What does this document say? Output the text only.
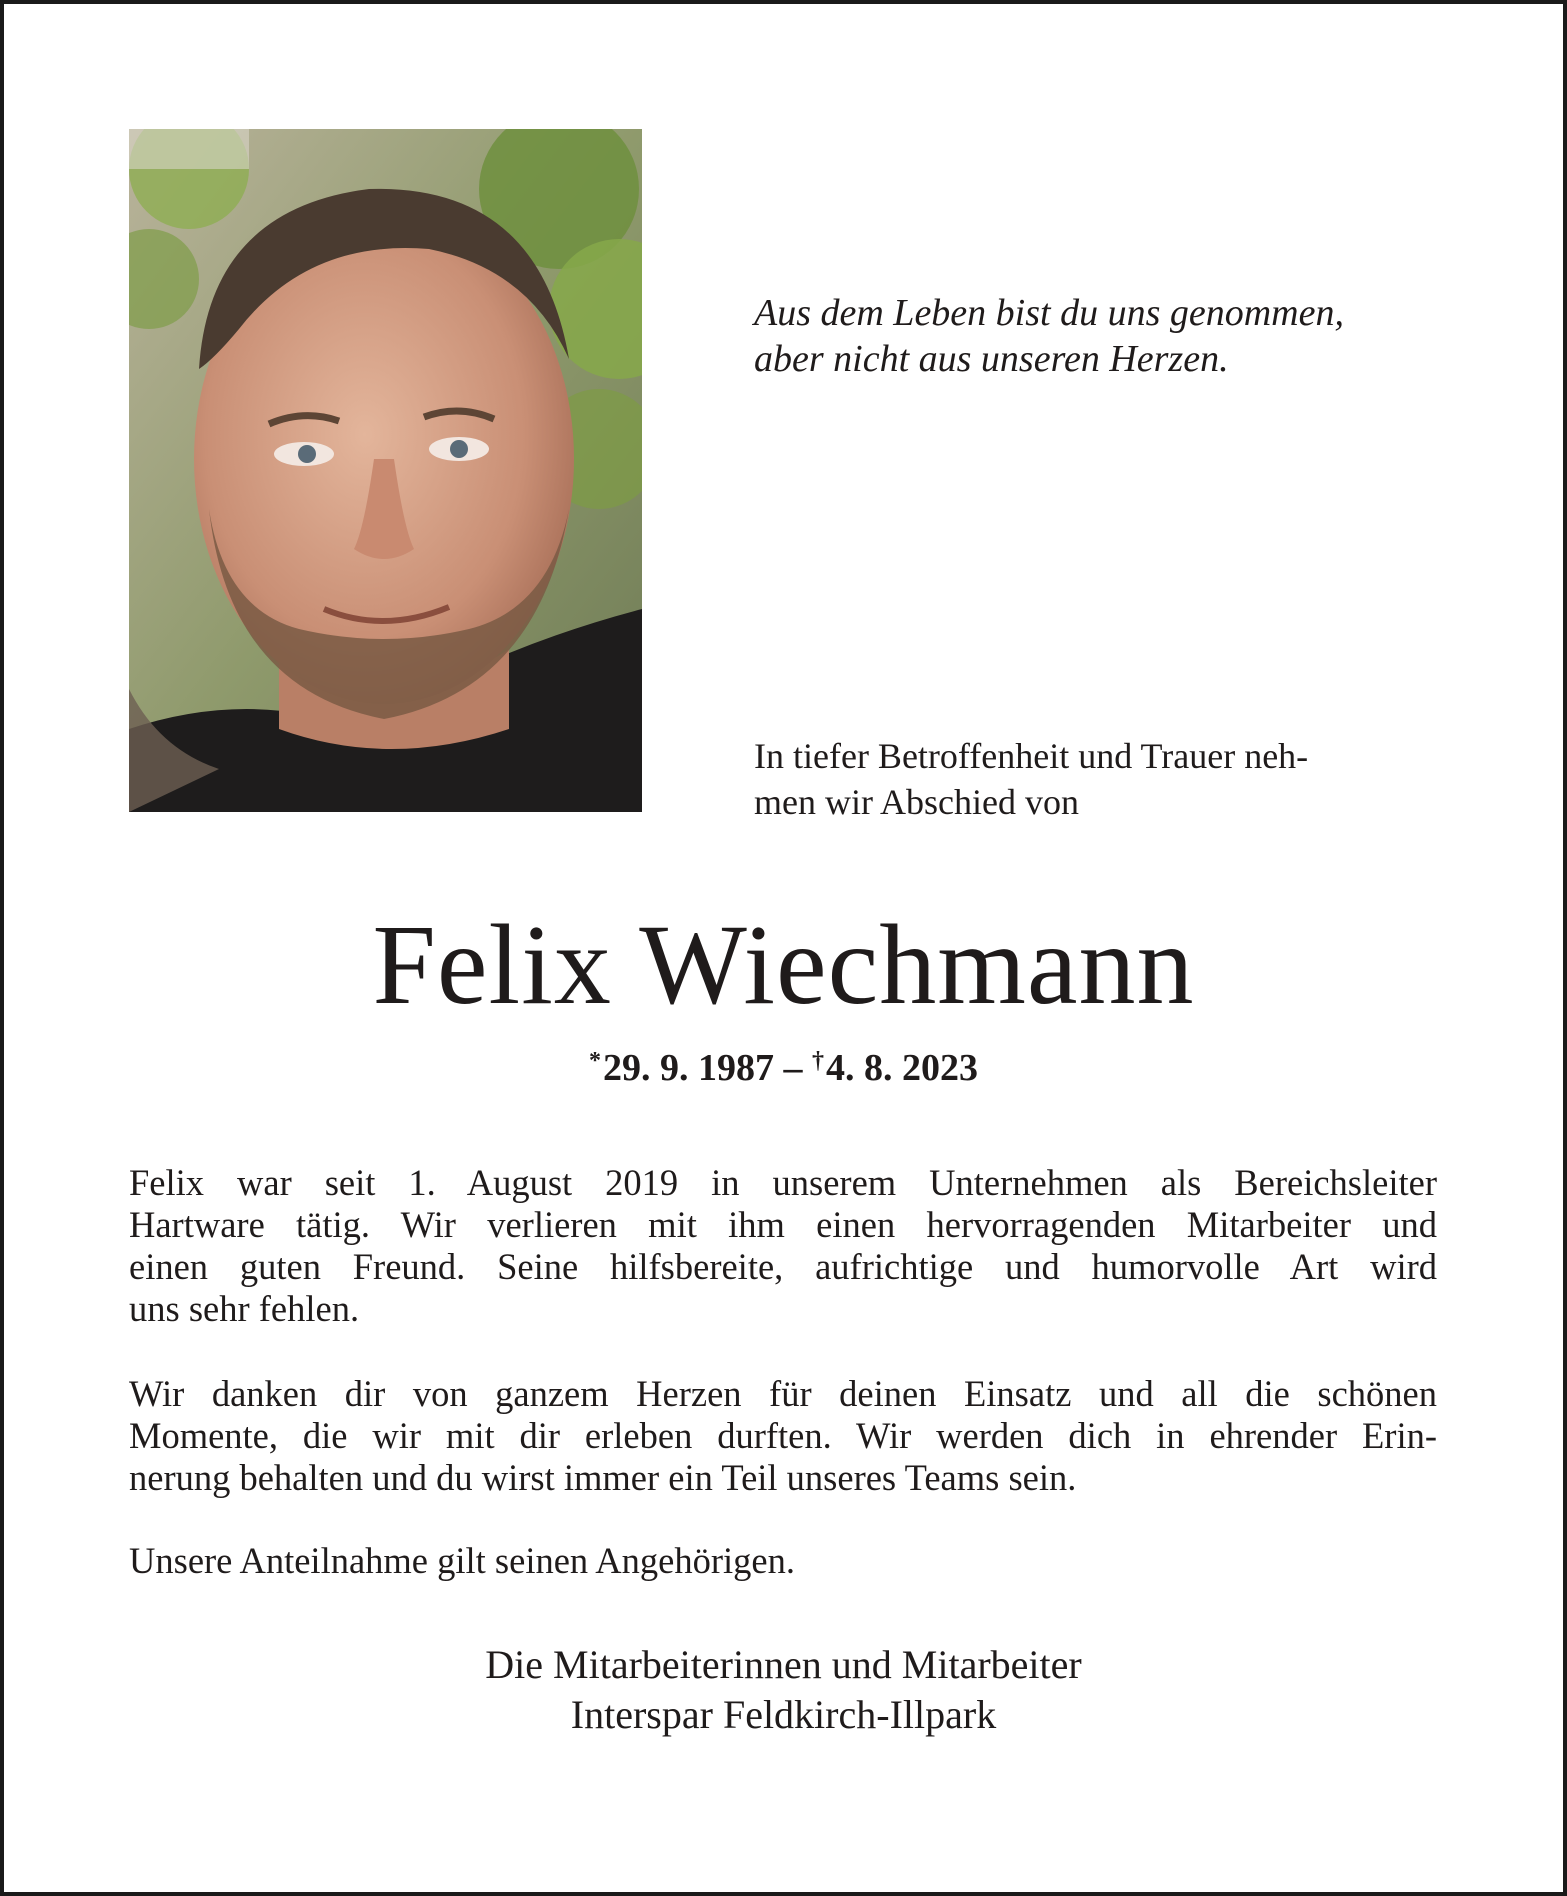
Aus dem Leben bist du uns genommen,
aber nicht aus unseren Herzen.
In tiefer Betroffenheit und Trauer neh-
men wir Abschied von
Felix Wiechmann
*29. 9. 1987 – †4. 8. 2023
Felix war seit 1. August 2019 in unserem Unternehmen als Bereichsleiter
Hartware tätig. Wir verlieren mit ihm einen hervorragenden Mitarbeiter und
einen guten Freund. Seine hilfsbereite, aufrichtige und humorvolle Art wird
uns sehr fehlen.
Wir danken dir von ganzem Herzen für deinen Einsatz und all die schönen
Momente, die wir mit dir erleben durften. Wir werden dich in ehrender Erin-
nerung behalten und du wirst immer ein Teil unseres Teams sein.
Unsere Anteilnahme gilt seinen Angehörigen.
Die Mitarbeiterinnen und Mitarbeiter
Interspar Feldkirch-Illpark
